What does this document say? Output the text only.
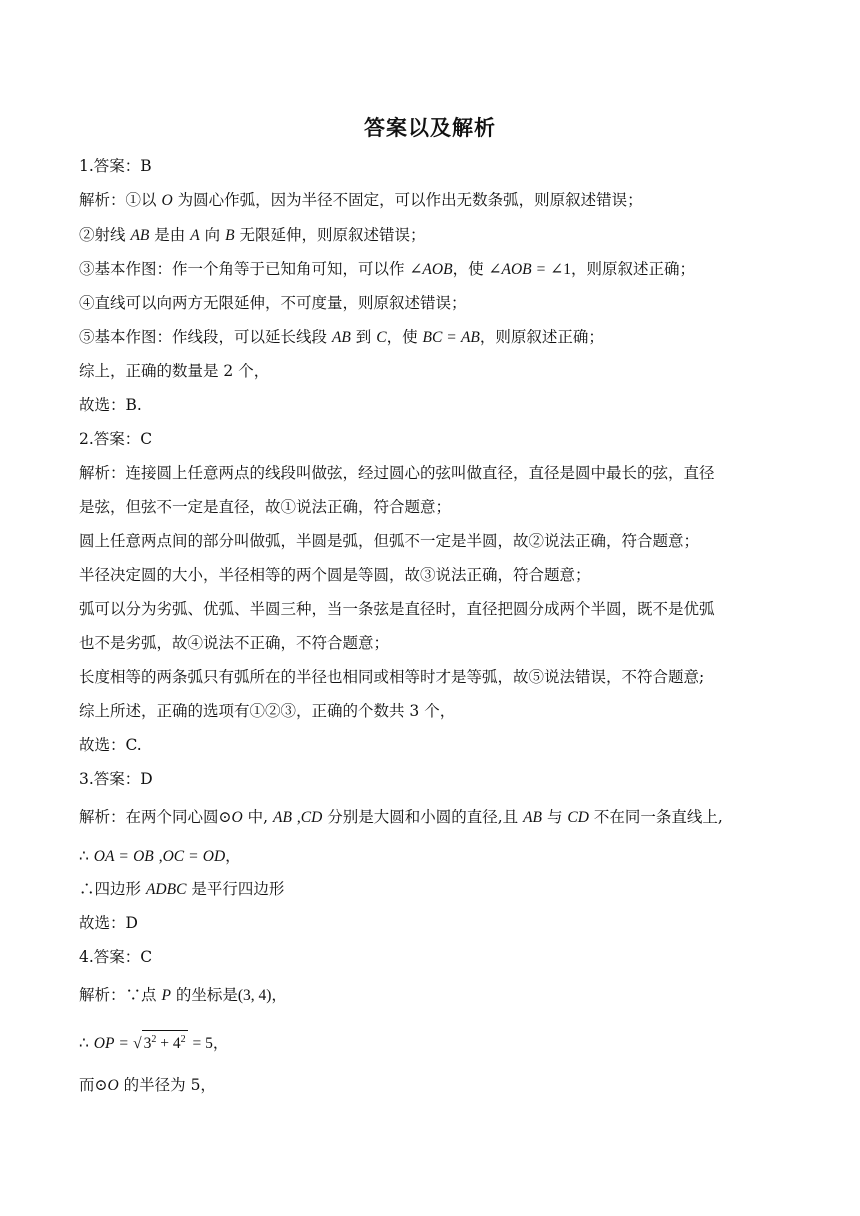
答案以及解析
1.答案：B
解析：①以 O 为圆心作弧，因为半径不固定，可以作出无数条弧，则原叙述错误；
②射线 AB 是由 A 向 B 无限延伸，则原叙述错误；
③基本作图：作一个角等于已知角可知，可以作 ∠AOB，使 ∠AOB = ∠1，则原叙述正确；
④直线可以向两方无限延伸，不可度量，则原叙述错误；
⑤基本作图：作线段，可以延长线段 AB 到 C，使 BC = AB，则原叙述正确；
综上，正确的数量是 2 个，
故选：B.
2.答案：C
解析：连接圆上任意两点的线段叫做弦，经过圆心的弦叫做直径，直径是圆中最长的弦，直径
是弦，但弦不一定是直径，故①说法正确，符合题意；
圆上任意两点间的部分叫做弧，半圆是弧，但弧不一定是半圆，故②说法正确，符合题意；
半径决定圆的大小，半径相等的两个圆是等圆，故③说法正确，符合题意；
弧可以分为劣弧、优弧、半圆三种，当一条弦是直径时，直径把圆分成两个半圆，既不是优弧
也不是劣弧，故④说法不正确，不符合题意；
长度相等的两条弧只有弧所在的半径也相同或相等时才是等弧，故⑤说法错误，不符合题意;
综上所述，正确的选项有①②③，正确的个数共 3 个，
故选：C.
3.答案：D
解析：在两个同心圆⊙O 中, AB ,CD 分别是大圆和小圆的直径,且 AB 与 CD 不在同一条直线上,
∴ OA = OB ,OC = OD，
∴四边形 ADBC 是平行四边形
故选：D
4.答案：C
解析：∵点 P 的坐标是(3, 4)，
∴ OP = √ $3^2 + 4^2 = 5$，
而⊙O 的半径为 5，
